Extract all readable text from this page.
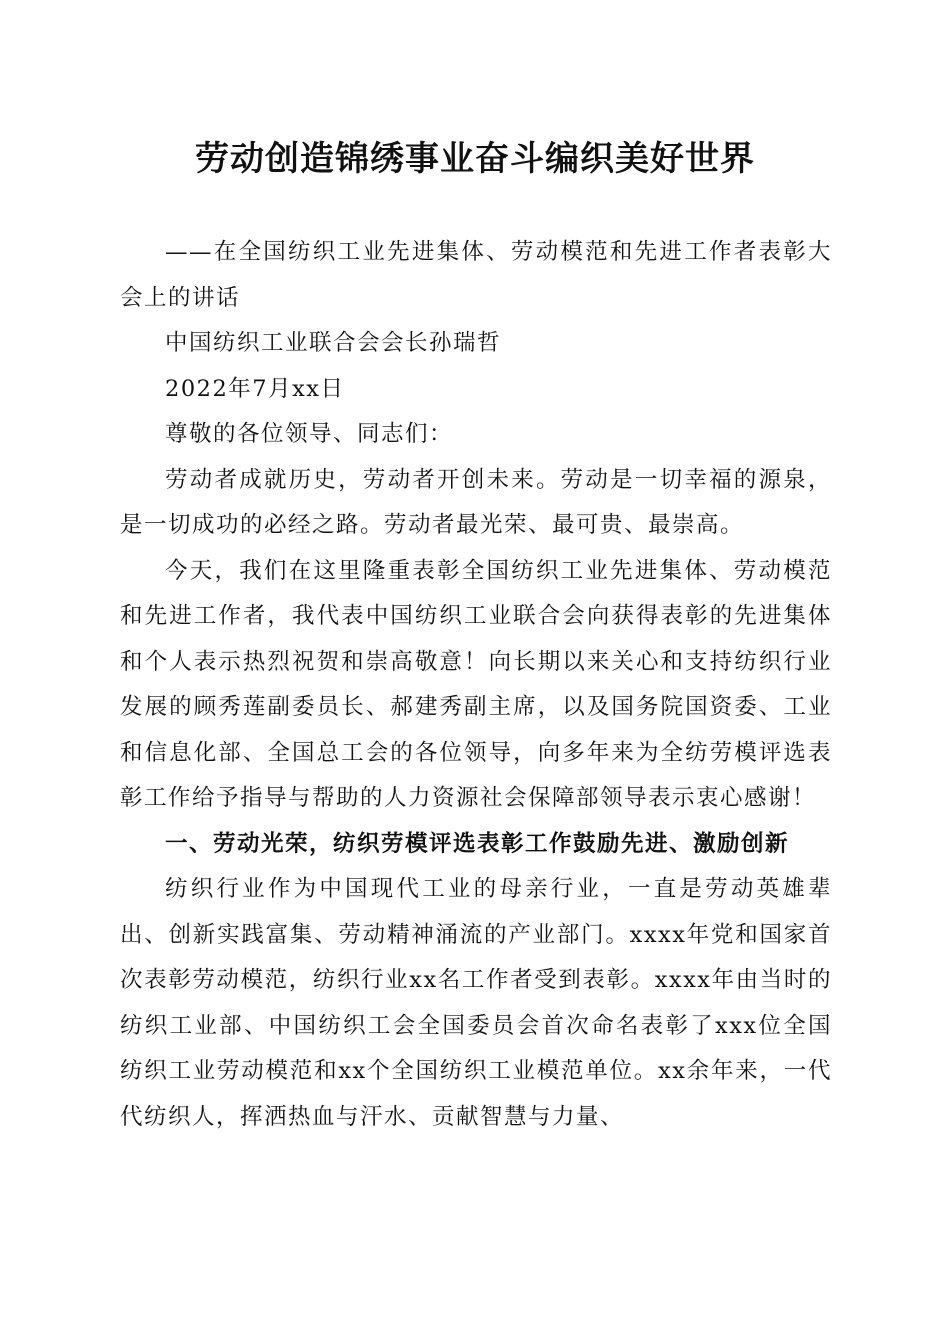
劳动创造锦绣事业奋斗编织美好世界

——在全国纺织工业先进集体、劳动模范和先进工作者表彰大会上的讲话

中国纺织工业联合会会长孙瑞哲

2022年7月xx日

尊敬的各位领导、同志们：

劳动者成就历史，劳动者开创未来。劳动是一切幸福的源泉，是一切成功的必经之路。劳动者最光荣、最可贵、最崇高。

今天，我们在这里隆重表彰全国纺织工业先进集体、劳动模范和先进工作者，我代表中国纺织工业联合会向获得表彰的先进集体和个人表示热烈祝贺和崇高敬意！向长期以来关心和支持纺织行业发展的顾秀莲副委员长、郝建秀副主席，以及国务院国资委、工业和信息化部、全国总工会的各位领导，向多年来为全纺劳模评选表彰工作给予指导与帮助的人力资源社会保障部领导表示衷心感谢！

一、劳动光荣，纺织劳模评选表彰工作鼓励先进、激励创新

纺织行业作为中国现代工业的母亲行业，一直是劳动英雄辈出、创新实践富集、劳动精神涌流的产业部门。xxxx年党和国家首次表彰劳动模范，纺织行业xx名工作者受到表彰。xxxx年由当时的纺织工业部、中国纺织工会全国委员会首次命名表彰了xxx位全国纺织工业劳动模范和xx个全国纺织工业模范单位。xx余年来，一代代纺织人，挥洒热血与汗水、贡献智慧与力量、
